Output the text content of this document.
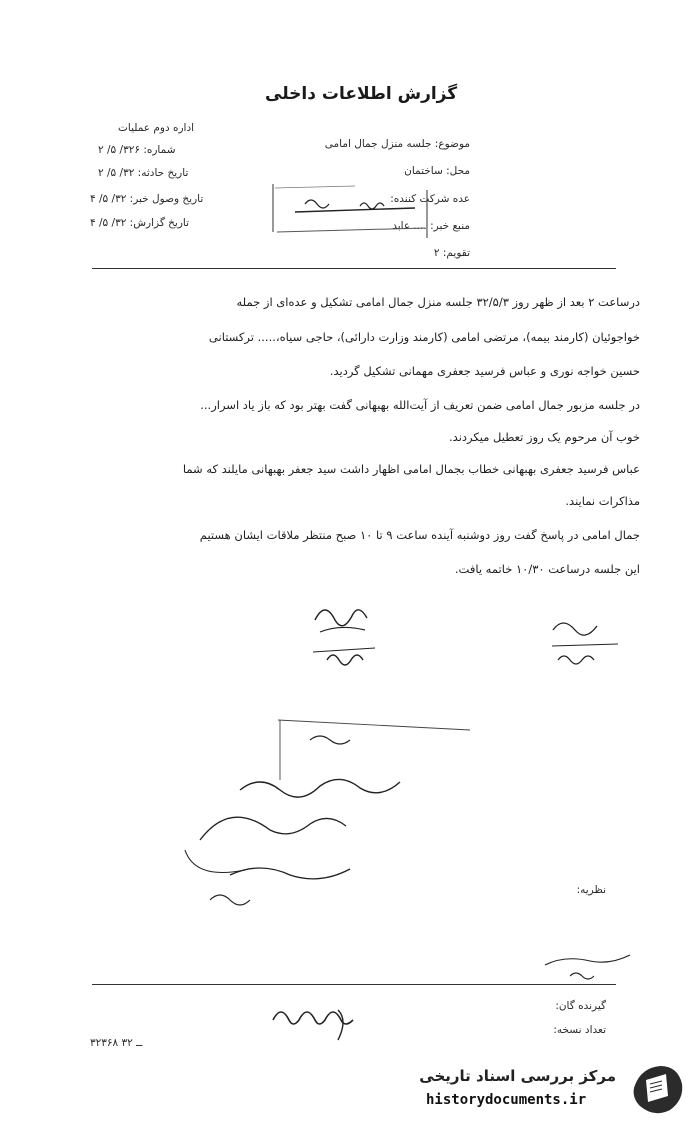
گزارش اطلاعات داخلی
موضوع: جلسه منزل جمال امامی
محل: ساختمان
عده شرکت کننده:
منبع خبر: .... عابد
تقویم: ۲
اداره دوم عملیات
شماره: ۳۲۶/ ۵/ ۲
تاریخ حادثه: ۳۲/ ۵/ ۲
تاریخ وصول خبر: ۳۲/ ۵/ ۴
تاریخ گزارش: ۳۲/ ۵/ ۴
درساعت ۲ بعد از ظهر روز ۳۲/۵/۳ جلسه منزل جمال امامی تشکیل و عده‌ای از جمله
خواجوئیان (کارمند بیمه)، مرتضی امامی (کارمند وزارت دارائی)، حاجی سیاه،..... ترکستانی
حسین خواجه نوری و عباس فرسید جعفری مهمانی تشکیل گردید.
در جلسه مزبور جمال امامی ضمن تعریف از آیت‌الله بهبهانی گفت بهتر بود که باز یاد اسرار...
خوب آن مرحوم یک روز تعطیل میکردند.
عباس فرسید جعفری بهبهانی خطاب بجمال امامی اظهار داشت سید جعفر بهبهانی مایلند که شما
مذاکرات نمایند.
جمال امامی در پاسخ گفت روز دوشنبه آینده ساعت ۹ تا ۱۰ صبح منتظر ملاقات ایشان هستیم
این جلسه درساعت ۱۰/۳۰ خاتمه یافت.
نظریه:
گیرنده گان:
تعداد نسخه:
۳۲۳۶۸ ــ ۳۲
مرکز بررسی اسناد تاریخی
historydocuments.ir
